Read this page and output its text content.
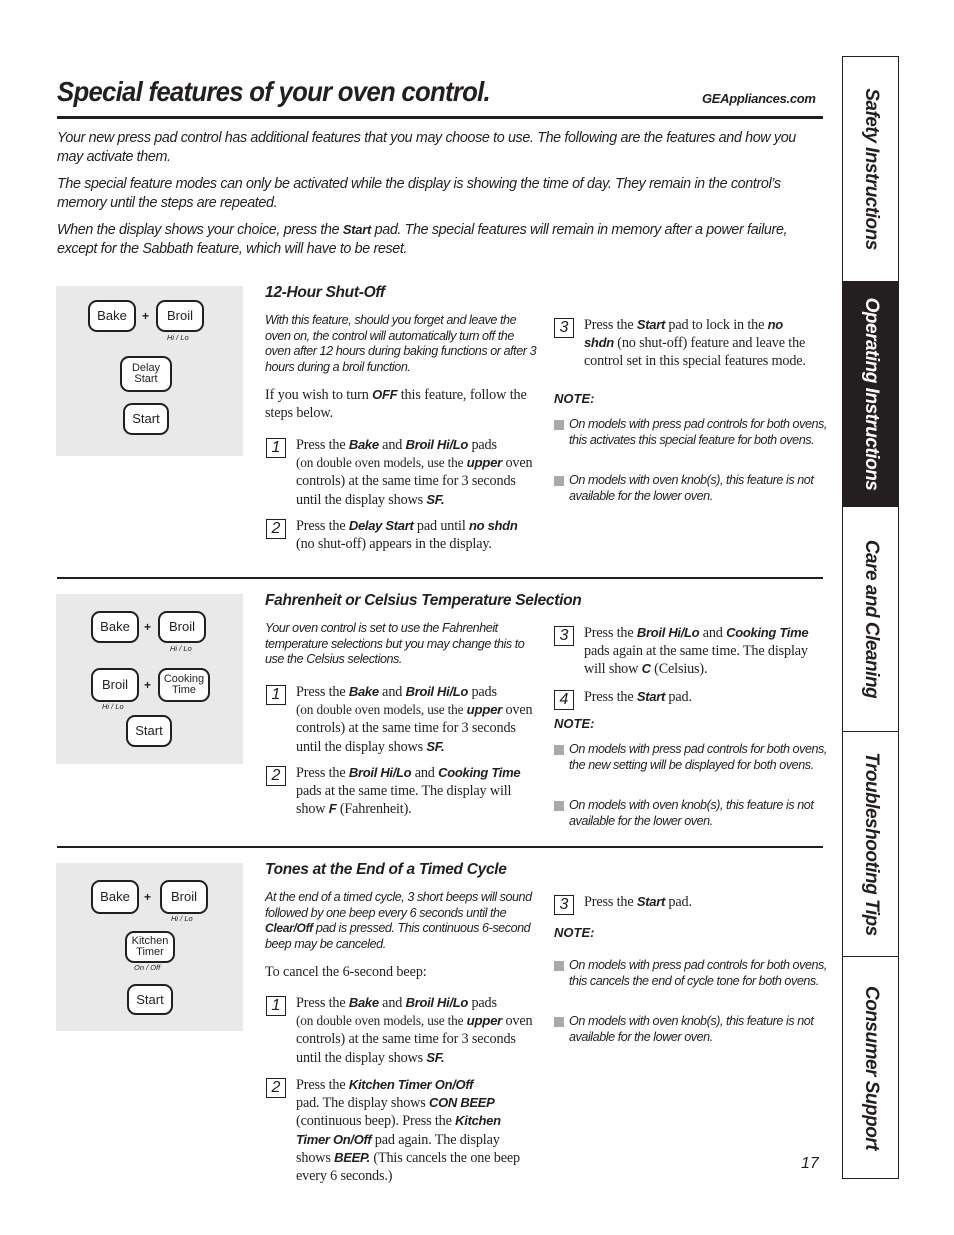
Special features of your oven control.	GEAppliances.com

Your new press pad control has additional features that you may choose to use. The following are the features and how you may activate them.

The special feature modes can only be activated while the display is showing the time of day. They remain in the control’s memory until the steps are repeated.

When the display shows your choice, press the Start pad. The special features will remain in memory after a power failure, except for the Sabbath feature, which will have to be reset.

Bake	+	Broil
Hi / Lo
Delay Start
Start
12-Hour Shut-Off

With this feature, should you forget and leave the oven on, the control will automatically turn off the oven after 12 hours during baking functions or after 3 hours during a broil function.

If you wish to turn OFF this feature, follow the steps below.

1	Press the Bake and Broil Hi/Lo pads
(on double oven models, use the upper oven controls) at the same time for 3 seconds until the display shows SF.
2	Press the Delay Start pad until no shdn (no shut-off) appears in the display.
3	Press the Start pad to lock in the no shdn (no shut-off) feature and leave the control set in this special features mode.
NOTE:
On models with press pad controls for both ovens, this activates this special feature for both ovens.
On models with oven knob(s), this feature is not available for the lower oven.
Bake	+	Broil
Hi / Lo
Broil
Hi / Lo
+	Cooking Time
Start
Fahrenheit or Celsius Temperature Selection

Your oven control is set to use the Fahrenheit temperature selections but you may change this to use the Celsius selections.

1	Press the Bake and Broil Hi/Lo pads
(on double oven models, use the upper oven controls) at the same time for 3 seconds until the display shows SF.
2	Press the Broil Hi/Lo and Cooking Time pads at the same time. The display will show F (Fahrenheit).
3	Press the Broil Hi/Lo and Cooking Time pads again at the same time. The display will show C (Celsius).
4	Press the Start pad.
NOTE:
On models with press pad controls for both ovens, the new setting will be displayed for both ovens.
On models with oven knob(s), this feature is not available for the lower oven.
Bake	+	Broil
Hi / Lo
Kitchen Timer
On / Off
Start
Tones at the End of a Timed Cycle

At the end of a timed cycle, 3 short beeps will sound followed by one beep every 6 seconds until the Clear/Off pad is pressed. This continuous 6-second beep may be canceled.

To cancel the 6-second beep:

1	Press the Bake and Broil Hi/Lo pads
(on double oven models, use the upper oven controls) at the same time for 3 seconds until the display shows SF.
2	Press the Kitchen Timer On/Off
pad. The display shows CON BEEP
(continuous beep). Press the Kitchen Timer On/Off pad again. The display shows BEEP. (This cancels the one beep every 6 seconds.)
3	Press the Start pad.
NOTE:
On models with press pad controls for both ovens, this cancels the end of cycle tone for both ovens.
On models with oven knob(s), this feature is not available for the lower oven.
Safety Instructions
Operating Instructions
Care and Cleaning
Troubleshooting Tips
Consumer Support
17
